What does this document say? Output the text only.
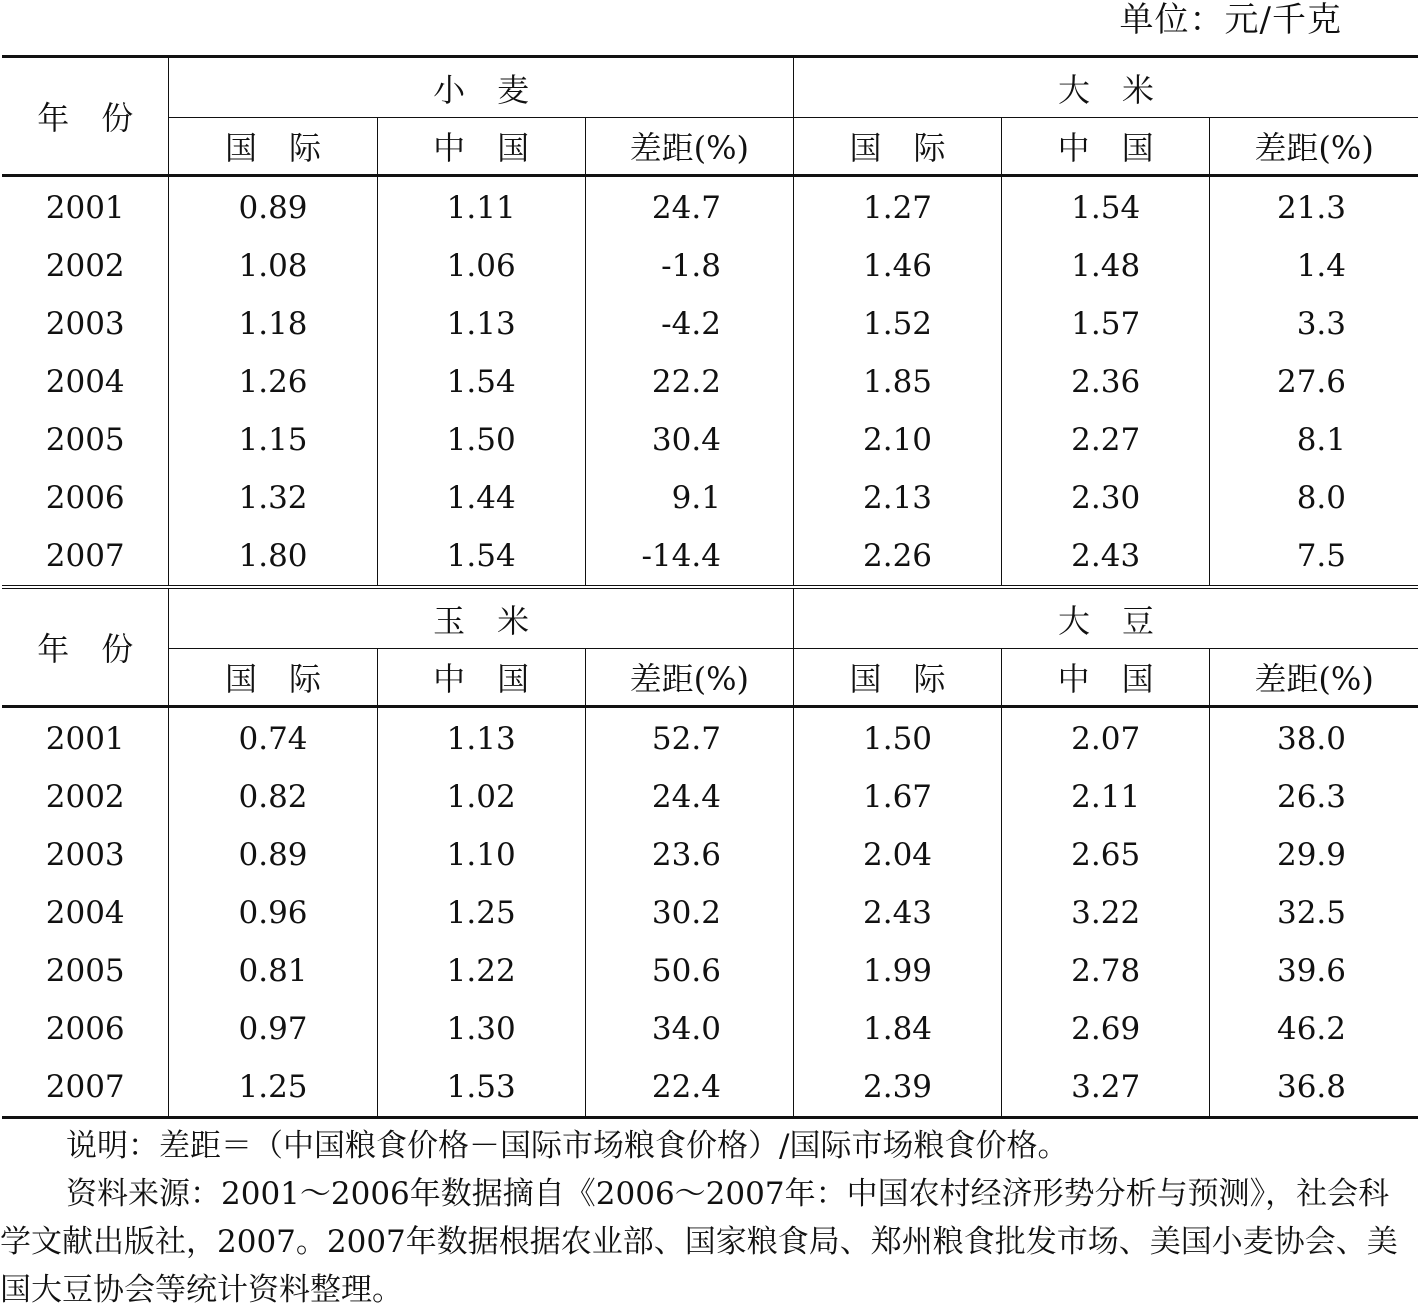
单位：元/千克
年　份	小　麦			大　米		
	国　际	中　国	差距(%)	国　际	中　国	差距(%)
2001	0.89	1.11	24.7	1.27	1.54	21.3
2002	1.08	1.06	-1.8	1.46	1.48	1.4
2003	1.18	1.13	-4.2	1.52	1.57	3.3
2004	1.26	1.54	22.2	1.85	2.36	27.6
2005	1.15	1.50	30.4	2.10	2.27	8.1
2006	1.32	1.44	9.1	2.13	2.30	8.0
2007	1.80	1.54	-14.4	2.26	2.43	7.5
年　份	玉　米			大　豆		
	国　际	中　国	差距(%)	国　际	中　国	差距(%)
2001	0.74	1.13	52.7	1.50	2.07	38.0
2002	0.82	1.02	24.4	1.67	2.11	26.3
2003	0.89	1.10	23.6	2.04	2.65	29.9
2004	0.96	1.25	30.2	2.43	3.22	32.5
2005	0.81	1.22	50.6	1.99	2.78	39.6
2006	0.97	1.30	34.0	1.84	2.69	46.2
2007	1.25	1.53	22.4	2.39	3.27	36.8

说明：差距＝（中国粮食价格－国际市场粮食价格）/国际市场粮食价格。

资料来源：2001～2006年数据摘自《2006～2007年：中国农村经济形势分析与预测》，社会科学文献出版社，2007。2007年数据根据农业部、国家粮食局、郑州粮食批发市场、美国小麦协会、美国大豆协会等统计资料整理。
